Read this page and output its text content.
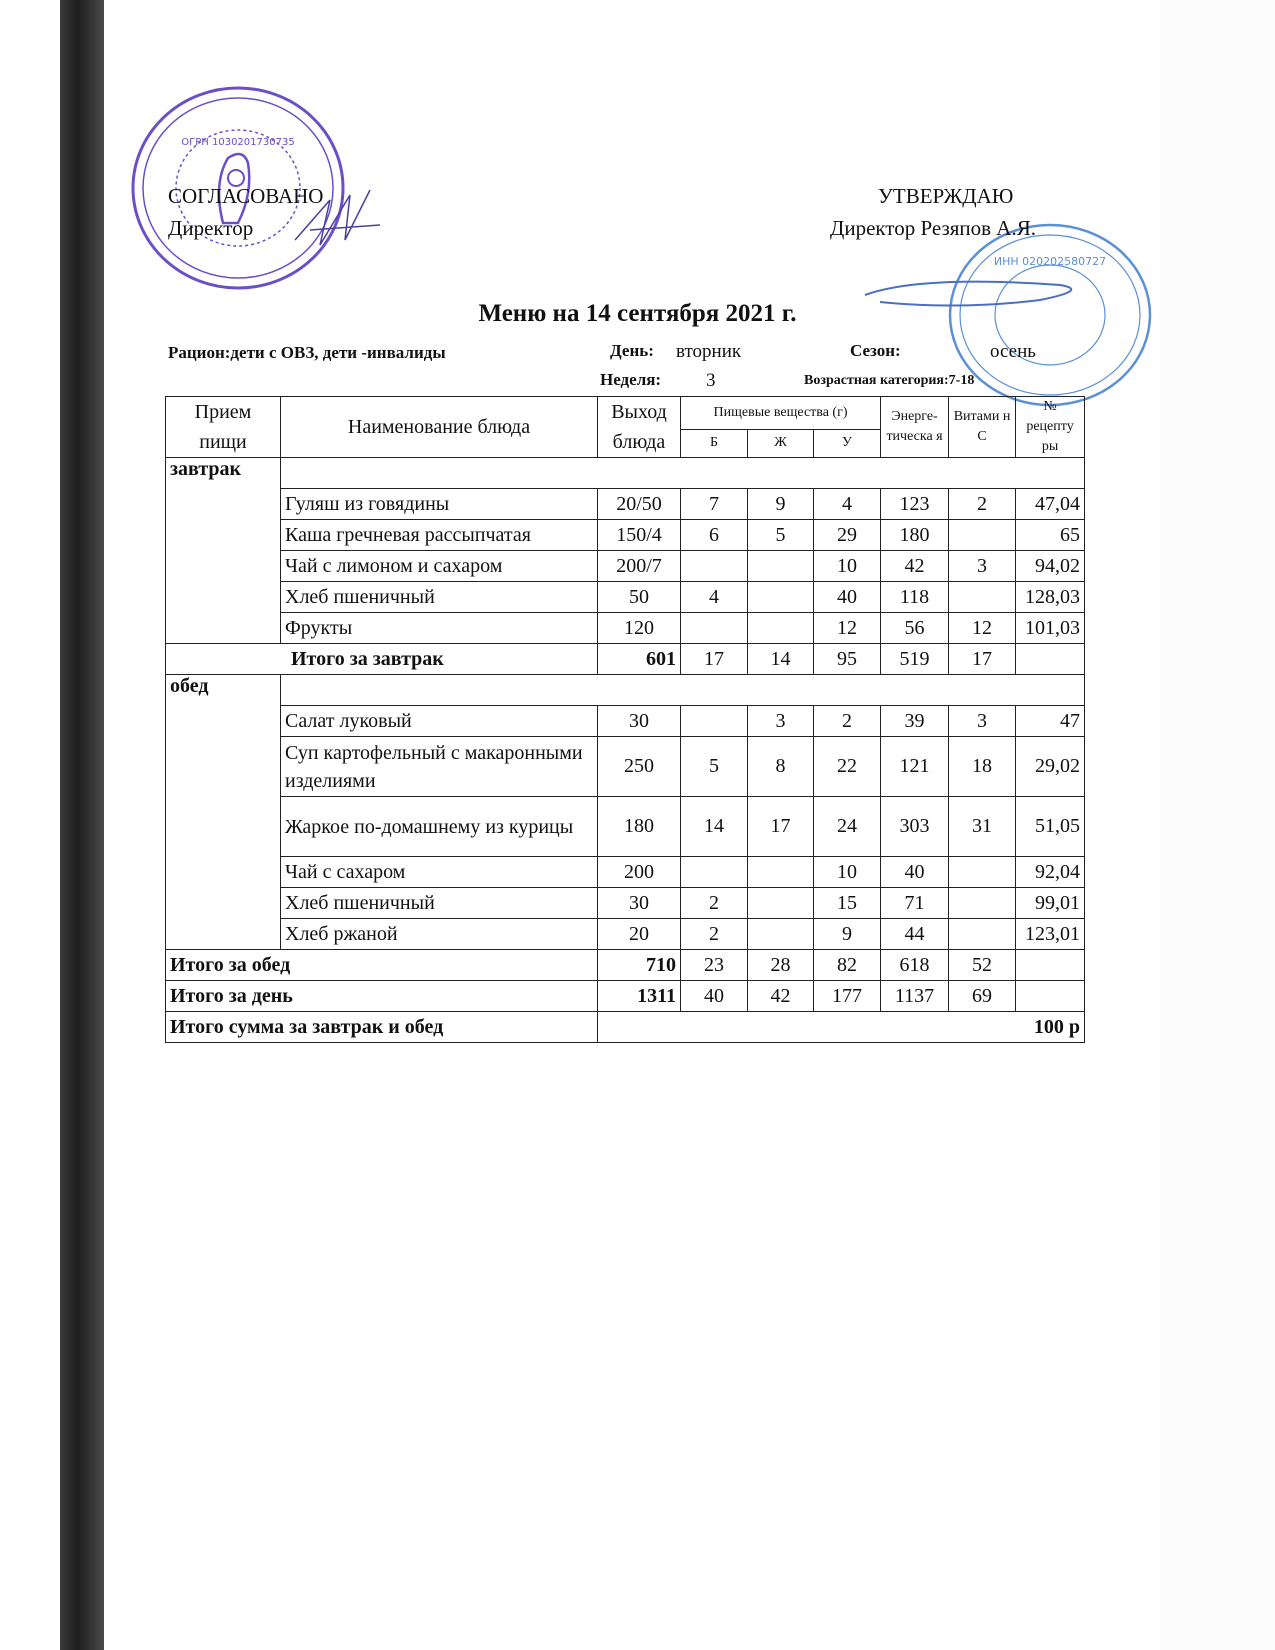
ОГРН 1030201730735
СОГЛАСОВАНО
Директор
ИНН 020202580727
УТВЕРЖДАЮ
Директор Резяпов А.Я.
Меню на 14 сентября 2021 г.
Рацион:дети с ОВЗ, дети -инвалиды	День: вторник	Сезон:	осень
Неделя: 3	Возрастная категория:7-18
Прием пищи	Наименование блюда	Выход блюда	Пищевые вещества (г)			Энерге-тическа я	Витами н С	№ рецепту ры
			Б	Ж	У			
завтрак								
	Гуляш из говядины	20/50	7	9	4	123	2	47,04
	Каша гречневая рассыпчатая	150/4	6	5	29	180		65
	Чай с лимоном и сахаром	200/7			10	42	3	94,02
	Хлеб пшеничный	50	4		40	118		128,03
	Фрукты	120			12	56	12	101,03
Итого за завтрак		601	17	14	95	519	17	
обед								
	Салат луковый	30		3	2	39	3	47
	Суп картофельный с макаронными изделиями	250	5	8	22	121	18	29,02
	Жаркое по-домашнему из курицы	180	14	17	24	303	31	51,05
	Чай с сахаром	200			10	40		92,04
	Хлеб пшеничный	30	2		15	71		99,01
	Хлеб ржаной	20	2		9	44		123,01
Итого за обед		710	23	28	82	618	52	
Итого за день		1311	40	42	177	1137	69	
Итого сумма за завтрак и обед		100 р						
